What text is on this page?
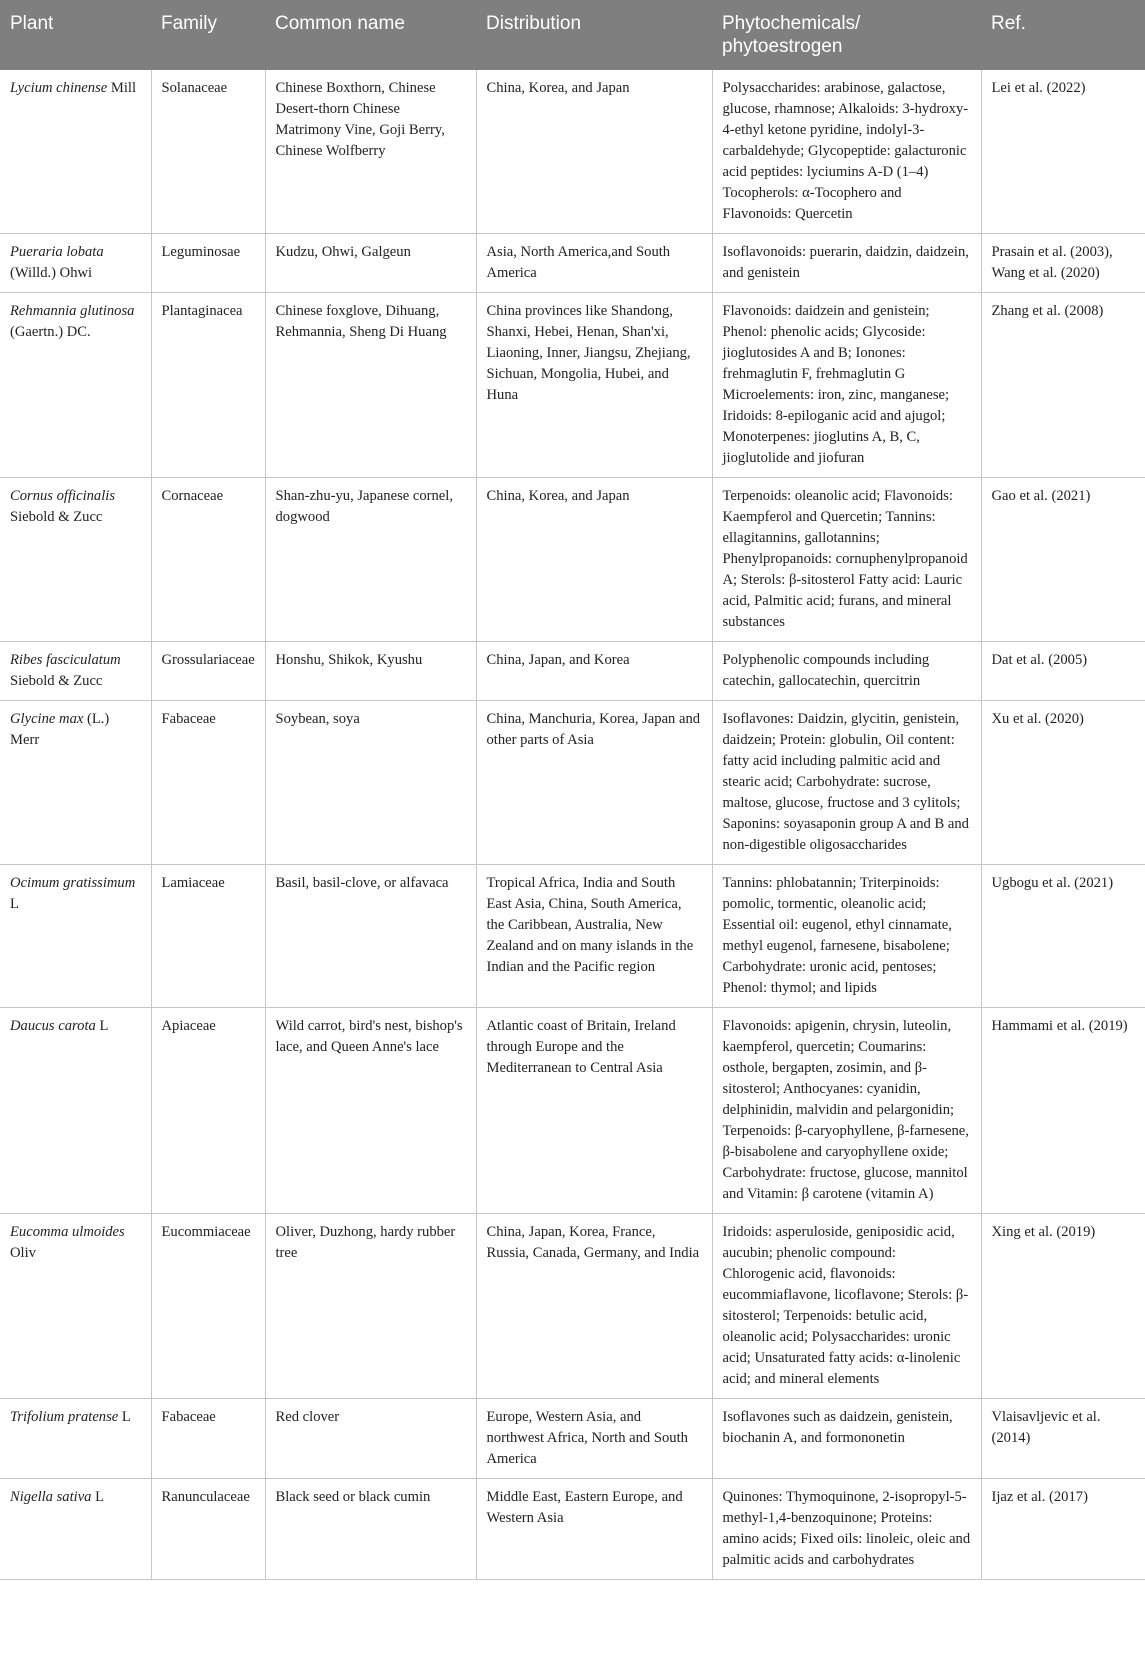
Plant	Family	Common name	Distribution	Phytochemicals/ phytoestrogen	Ref.
Lycium chinense Mill	Solanaceae	Chinese Boxthorn, Chinese Desert-thorn Chinese Matrimony Vine, Goji Berry, Chinese Wolfberry	China, Korea, and Japan	Polysaccharides: arabinose, galactose, glucose, rhamnose; Alkaloids: 3-hydroxy-4-ethyl ketone pyridine, indolyl-3-carbaldehyde; Glycopeptide: galacturonic acid peptides: lyciumins A-D (1–4) Tocopherols: α-Tocophero and Flavonoids: Quercetin	Lei et al. (2022)
Pueraria lobata (Willd.) Ohwi	Leguminosae	Kudzu, Ohwi, Galgeun	Asia, North America,and South America	Isoflavonoids: puerarin, daidzin, daidzein, and genistein	Prasain et al. (2003), Wang et al. (2020)
Rehmannia glutinosa (Gaertn.) DC.	Plantaginacea	Chinese foxglove, Dihuang, Rehmannia, Sheng Di Huang	China provinces like Shandong, Shanxi, Hebei, Henan, Shan'xi, Liaoning, Inner, Jiangsu, Zhejiang, Sichuan, Mongolia, Hubei, and Huna	Flavonoids: daidzein and genistein; Phenol: phenolic acids; Glycoside: jioglutosides A and B; Ionones: frehmaglutin F, frehmaglutin G Microelements: iron, zinc, manganese; Iridoids: 8-epiloganic acid and ajugol; Monoterpenes: jioglutins A, B, C, jioglutolide and jiofuran	Zhang et al. (2008)
Cornus officinalis Siebold & Zucc	Cornaceae	Shan-zhu-yu, Japanese cornel, dogwood	China, Korea, and Japan	Terpenoids: oleanolic acid; Flavonoids: Kaempferol and Quercetin; Tannins: ellagitannins, gallotannins; Phenylpropanoids: cornuphenylpropanoid A; Sterols: β-sitosterol Fatty acid: Lauric acid, Palmitic acid; furans, and mineral substances	Gao et al. (2021)
Ribes fasciculatum Siebold & Zucc	Grossulariaceae	Honshu, Shikok, Kyushu	China, Japan, and Korea	Polyphenolic compounds including catechin, gallocatechin, quercitrin	Dat et al. (2005)
Glycine max (L.) Merr	Fabaceae	Soybean, soya	China, Manchuria, Korea, Japan and other parts of Asia	Isoflavones: Daidzin, glycitin, genistein, daidzein; Protein: globulin, Oil content: fatty acid including palmitic acid and stearic acid; Carbohydrate: sucrose, maltose, glucose, fructose and 3 cylitols; Saponins: soyasaponin group A and B and non-digestible oligosaccharides	Xu et al. (2020)
Ocimum gratissimum L	Lamiaceae	Basil, basil-clove, or alfavaca	Tropical Africa, India and South East Asia, China, South America, the Caribbean, Australia, New Zealand and on many islands in the Indian and the Pacific region	Tannins: phlobatannin; Triterpinoids: pomolic, tormentic, oleanolic acid; Essential oil: eugenol, ethyl cinnamate, methyl eugenol, farnesene, bisabolene; Carbohydrate: uronic acid, pentoses; Phenol: thymol; and lipids	Ugbogu et al. (2021)
Daucus carota L	Apiaceae	Wild carrot, bird's nest, bishop's lace, and Queen Anne's lace	Atlantic coast of Britain, Ireland through Europe and the Mediterranean to Central Asia	Flavonoids: apigenin, chrysin, luteolin, kaempferol, quercetin; Coumarins: osthole, bergapten, zosimin, and β-sitosterol; Anthocyanes: cyanidin, delphinidin, malvidin and pelargonidin; Terpenoids: β-caryophyllene, β-farnesene, β-bisabolene and caryophyllene oxide; Carbohydrate: fructose, glucose, mannitol and Vitamin: β carotene (vitamin A)	Hammami et al. (2019)
Eucomma ulmoides Oliv	Eucommiaceae	Oliver, Duzhong, hardy rubber tree	China, Japan, Korea, France, Russia, Canada, Germany, and India	Iridoids: asperuloside, geniposidic acid, aucubin; phenolic compound: Chlorogenic acid, flavonoids: eucommiaflavone, licoflavone; Sterols: β-sitosterol; Terpenoids: betulic acid, oleanolic acid; Polysaccharides: uronic acid; Unsaturated fatty acids: α-linolenic acid; and mineral elements	Xing et al. (2019)
Trifolium pratense L	Fabaceae	Red clover	Europe, Western Asia, and northwest Africa, North and South America	Isoflavones such as daidzein, genistein, biochanin A, and formononetin	Vlaisavljevic et al. (2014)
Nigella sativa L	Ranunculaceae	Black seed or black cumin	Middle East, Eastern Europe, and Western Asia	Quinones: Thymoquinone, 2-isopropyl-5-methyl-1,4-benzoquinone; Proteins: amino acids; Fixed oils: linoleic, oleic and palmitic acids and carbohydrates	Ijaz et al. (2017)
